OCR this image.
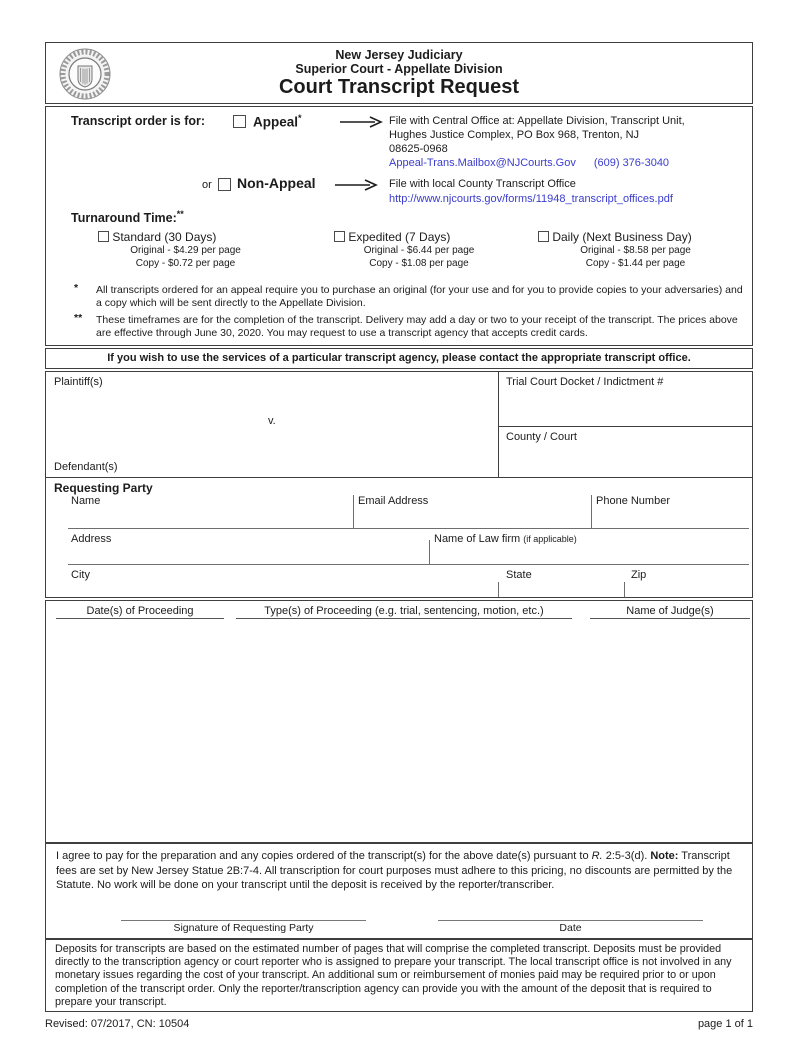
New Jersey Judiciary
Superior Court - Appellate Division
Court Transcript Request
Transcript order is for:	Appeal*	File with Central Office at: Appellate Division, Transcript Unit,
Hughes Justice Complex, PO Box 968, Trenton, NJ
08625-0968
Appeal-Trans.Mailbox@NJCourts.Gov (609) 376-3040
or Non-Appeal	File with local County Transcript Office
http://www.njcourts.gov/forms/11948_transcript_offices.pdf
Turnaround Time:**
Standard (30 Days)
Original - $4.29 per page
Copy - $0.72 per page
Expedited (7 Days)
Original - $6.44 per page
Copy - $1.08 per page
Daily (Next Business Day)
Original - $8.58 per page
Copy - $1.44 per page
* All transcripts ordered for an appeal require you to purchase an original (for your use and for you to provide copies to your adversaries) and a copy which will be sent directly to the Appellate Division.
** These timeframes are for the completion of the transcript. Delivery may add a day or two to your receipt of the transcript. The prices above are effective through June 30, 2020. You may request to use a transcript agency that accepts credit cards.
If you wish to use the services of a particular transcript agency, please contact the appropriate transcript office.
Plaintiff(s)
v.
Defendant(s)
Trial Court Docket / Indictment #
County / Court
Requesting Party
Name	Email Address	Phone Number
Address	Name of Law firm (if applicable)
City	State	Zip
Date(s) of Proceeding	Type(s) of Proceeding (e.g. trial, sentencing, motion, etc.)	Name of Judge(s)
I agree to pay for the preparation and any copies ordered of the transcript(s) for the above date(s) pursuant to R. 2:5-3(d). Note: Transcript fees are set by New Jersey Statue 2B:7-4. All transcription for court purposes must adhere to this pricing, no discounts are permitted by the Statute. No work will be done on your transcript until the deposit is received by the reporter/transcriber.
Signature of Requesting Party	Date
Deposits for transcripts are based on the estimated number of pages that will comprise the completed transcript. Deposits must be provided directly to the transcription agency or court reporter who is assigned to prepare your transcript. The local transcript office is not involved in any monetary issues regarding the cost of your transcript. An additional sum or reimbursement of monies paid may be required prior to or upon completion of the transcript order. Only the reporter/transcription agency can provide you with the amount of the deposit that is required to prepare your transcript.
Revised: 07/2017, CN: 10504	page 1 of 1
